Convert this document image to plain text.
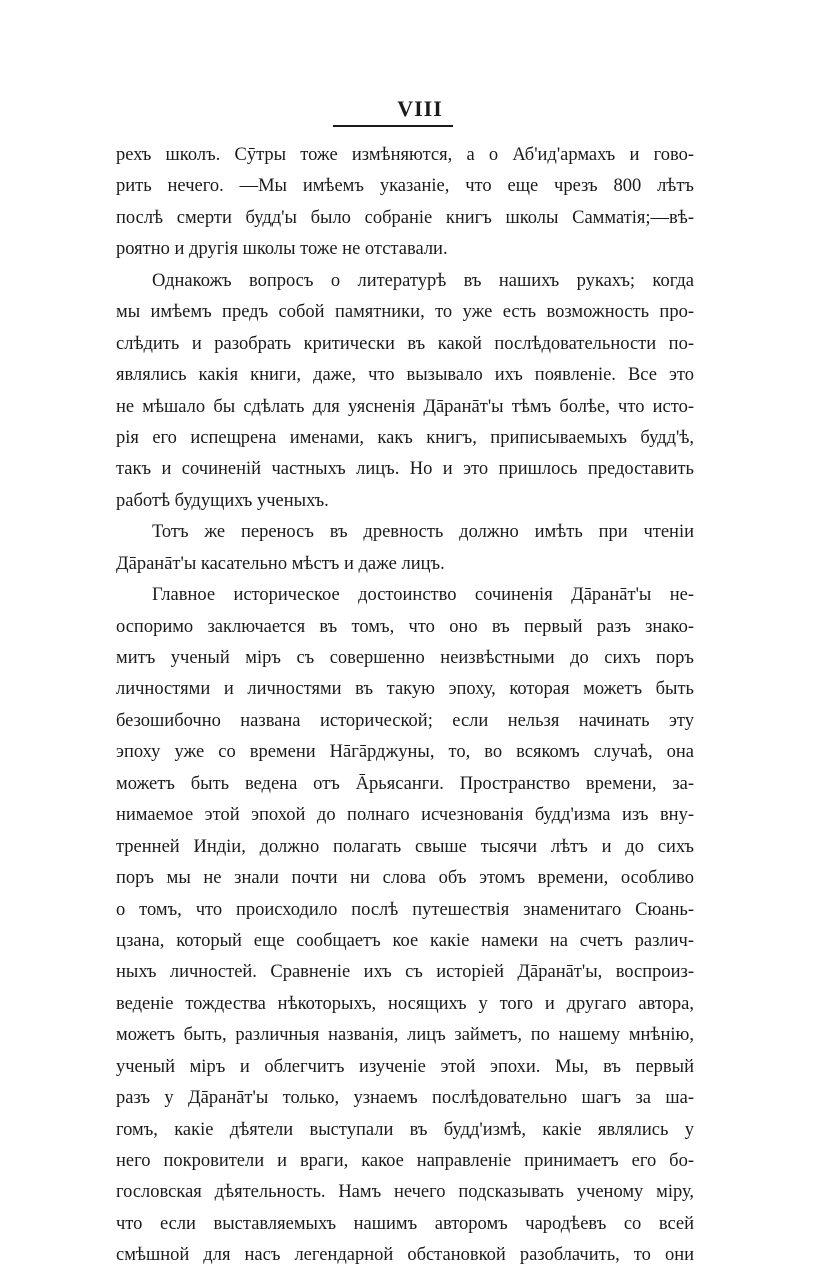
VIII
рехъ школъ. Сӯтры тоже измѣняются, а о Аб'ид'армахъ и гово-
рить нечего. —Мы имѣемъ указаніе, что еще чрезъ 800 лѣтъ
послѣ смерти будд'ы было собраніе книгъ школы Самматія;—вѣ-
роятно и другія школы тоже не отставали.
Однакожъ вопросъ о литературѣ въ нашихъ рукахъ; когда
мы имѣемъ предъ собой памятники, то уже есть возможность про-
слѣдить и разобрать критически въ какой послѣдовательности по-
являлись какія книги, даже, что вызывало ихъ появленіе. Все это
не мѣшало бы сдѣлать для уясненія Дāранāт'ы тѣмъ болѣе, что исто-
рія его испещрена именами, какъ книгъ, приписываемыхъ будд'ѣ,
такъ и сочиненій частныхъ лицъ. Но и это пришлось предоставить
работѣ будущихъ ученыхъ.
Тотъ же переносъ въ древность должно имѣть при чтеніи
Дāранāт'ы касательно мѣстъ и даже лицъ.
Главное историческое достоинство сочиненія Дāранāт'ы не-
оспоримо заключается въ томъ, что оно въ первый разъ знако-
митъ ученый міръ съ совершенно неизвѣстными до сихъ поръ
личностями и личностями въ такую эпоху, которая можетъ быть
безошибочно названа исторической; если нельзя начинать эту
эпоху уже со времени Нāгāрджуны, то, во всякомъ случаѣ, она
можетъ быть ведена отъ Āрьясанги. Пространство времени, за-
нимаемое этой эпохой до полнаго исчезнованія будд'изма изъ вну-
тренней Индіи, должно полагать свыше тысячи лѣтъ и до сихъ
поръ мы не знали почти ни слова объ этомъ времени, особливо
о томъ, что происходило послѣ путешествія знаменитаго Сюань-
цзана, который еще сообщаетъ кое какіе намеки на счетъ различ-
ныхъ личностей. Сравненіе ихъ съ исторіей Дāранāт'ы, воспроиз-
веденіе тождества нѣкоторыхъ, носящихъ у того и другаго автора,
можетъ быть, различныя названія, лицъ займетъ, по нашему мнѣнію,
ученый міръ и облегчитъ изученіе этой эпохи. Мы, въ первый
разъ у Дāранāт'ы только, узнаемъ послѣдовательно шагъ за ша-
гомъ, какіе дѣятели выступали въ будд'измѣ, какіе являлись у
него покровители и враги, какое направленіе принимаетъ его бо-
гословская дѣятельность. Намъ нечего подсказывать ученому міру,
что если выставляемыхъ нашимъ авторомъ чародѣевъ со всей
смѣшной для насъ легендарной обстановкой разоблачить, то они
